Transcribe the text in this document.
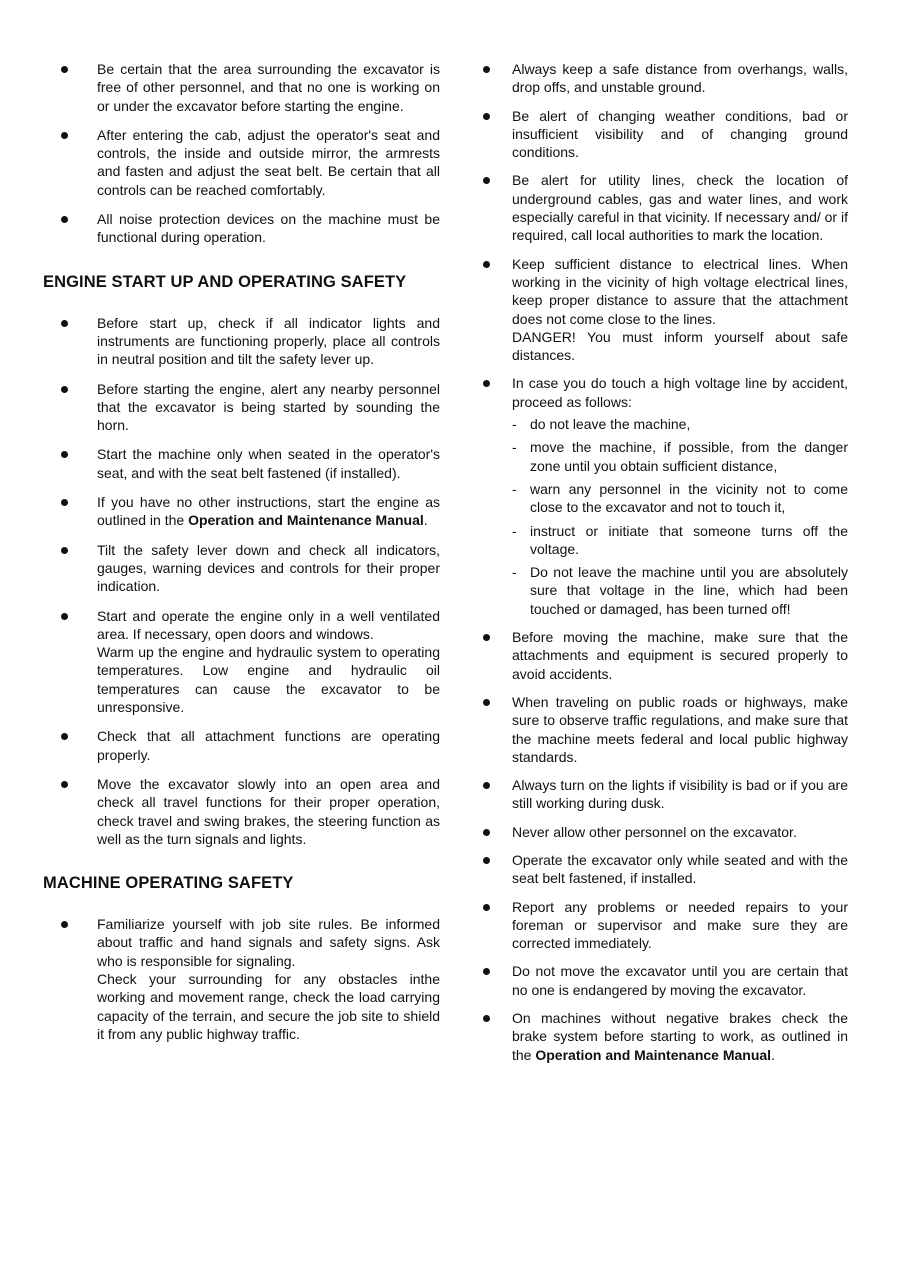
Be certain that the area surrounding the excavator is free of other personnel, and that no one is working on or under the excavator before starting the engine.
After entering the cab, adjust the operator's seat and controls, the inside and outside mirror, the armrests and fasten and adjust the seat belt. Be certain that all controls can be reached comfortably.
All noise protection devices on the machine must be functional during operation.
ENGINE START UP AND OPERATING SAFETY
Before start up, check if all indicator lights and instruments are functioning properly, place all controls in neutral position and tilt the safety lever up.
Before starting the engine, alert any nearby personnel that the excavator is being started by sounding the horn.
Start the machine only when seated in the operator's seat, and with the seat belt fastened (if installed).
If you have no other instructions, start the engine as outlined in the Operation and Maintenance Manual.
Tilt the safety lever down and check all indicators, gauges, warning devices and controls for their proper indication.
Start and operate the engine only in a well ventilated area. If necessary, open doors and windows.
Warm up the engine and hydraulic system to operating temperatures. Low engine and hydraulic oil temperatures can cause the excavator to be unresponsive.
Check that all attachment functions are operating properly.
Move the excavator slowly into an open area and check all travel functions for their proper operation, check travel and swing brakes, the steering function as well as the turn signals and lights.
MACHINE OPERATING SAFETY
Familiarize yourself with job site rules. Be informed about traffic and hand signals and safety signs. Ask who is responsible for signaling.
Check your surrounding for any obstacles inthe working and movement range, check the load carrying capacity of the terrain, and secure the job site to shield it from any public highway traffic.
Always keep a safe distance from overhangs, walls, drop offs, and unstable ground.
Be alert of changing weather conditions, bad or insufficient visibility and of changing ground conditions.
Be alert for utility lines, check the location of underground cables, gas and water lines, and work especially careful in that vicinity. If necessary and/ or if required, call local authorities to mark the location.
Keep sufficient distance to electrical lines. When working in the vicinity of high voltage electrical lines, keep proper distance to assure that the attachment does not come close to the lines.
DANGER! You must inform yourself about safe distances.
In case you do touch a high voltage line by accident, proceed as follows:
- do not leave the machine,
- move the machine, if possible, from the danger zone until you obtain sufficient distance,
- warn any personnel in the vicinity not to come close to the excavator and not to touch it,
- instruct or initiate that someone turns off the voltage.
- Do not leave the machine until you are absolutely sure that voltage in the line, which had been touched or damaged, has been turned off!
Before moving the machine, make sure that the attachments and equipment is secured properly to avoid accidents.
When traveling on public roads or highways, make sure to observe traffic regulations, and make sure that the machine meets federal and local public highway standards.
Always turn on the lights if visibility is bad or if you are still working during dusk.
Never allow other personnel on the excavator.
Operate the excavator only while seated and with the seat belt fastened, if installed.
Report any problems or needed repairs to your foreman or supervisor and make sure they are corrected immediately.
Do not move the excavator until you are certain that no one is endangered by moving the excavator.
On machines without negative brakes check the brake system before starting to work, as outlined in the Operation and Maintenance Manual.
